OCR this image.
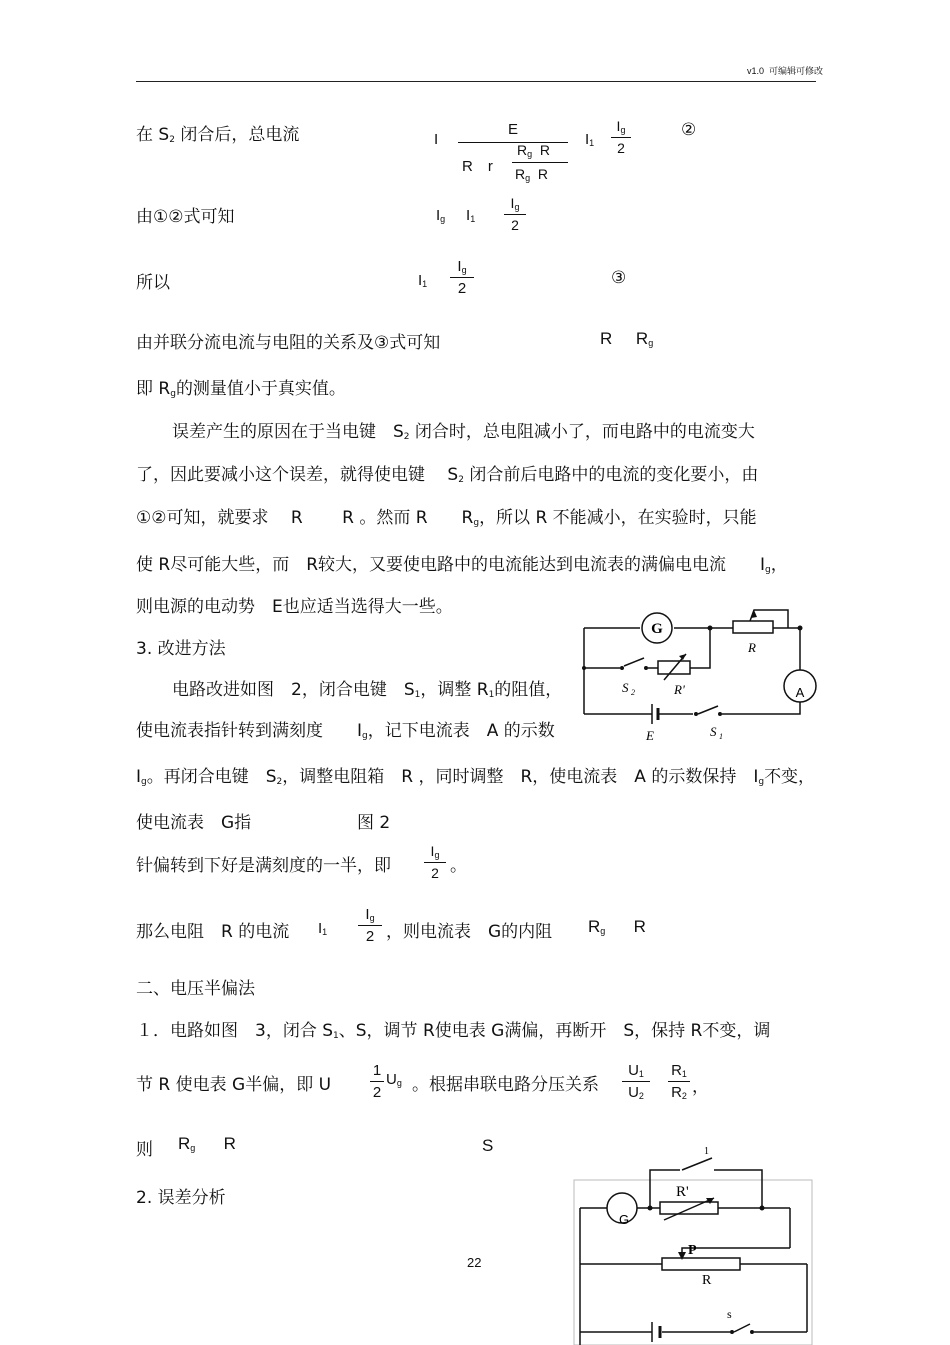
v1.0 可编辑可修改
在 $S_2$ 闭合后，总电流	I
E
R　r
$R_g$ R
$R_g$ R
$I_1$
$I_g$
2
②
由①②式可知	$I_g$ $I_1$
$I_g$
2
所以	$I_1$
$I_g$
2
③
由并联分流电流与电阻的关系及③式可知	R $R_g$
即 $R_g$的测量值小于真实值。
误差产生的原因在于当电键　$S_2$ 闭合时，总电阻减小了，而电路中的电流变大
了，因此要减小这个误差，就得使电键　 $S_2$ 闭合前后电路中的电流的变化要小，由
①②可知，就要求　 R　　 R 。然而 R　　$R_g$，所以 R 不能减小，在实验时，只能
使 R尽可能大些，而　R较大，又要使电路中的电流能达到电流表的满偏电电流　　$I_g$，
则电源的电动势　E也应适当选得大一些。
3. 改进方法
电路改进如图　2，闭合电键　$S_1$，调整 $R_1$的阻值，
使电流表指针转到满刻度　　$I_g$，记下电流表　A 的示数
$I_g$。再闭合电键　$S_2$，调整电阻箱　R ，同时调整　R，使电流表　A 的示数保持　$I_g$不变，
使电流表　G指	图 2
针偏转到下好是满刻度的一半，即
$I_g$
2 。
那么电阻　R 的电流 $I_1$
$I_g$
2 ，则电流表　G的内阻 $R_g$ R
二、电压半偏法
１．电路如图　3，闭合 $S_1$、S，调节 R使电表 G满偏，再断开　S，保持 R不变，调
节 R 使电表 G半偏，即 U
1
2
$U_g$ 。根据串联电路分压关系
$U_1$
$U_2$
$R_1$
$R_2$ ，
则 $R_g$ R	S
2. 误差分析
22
G
A
R
R'
S 2
S 1
E
G
R'
P
R
s
1
